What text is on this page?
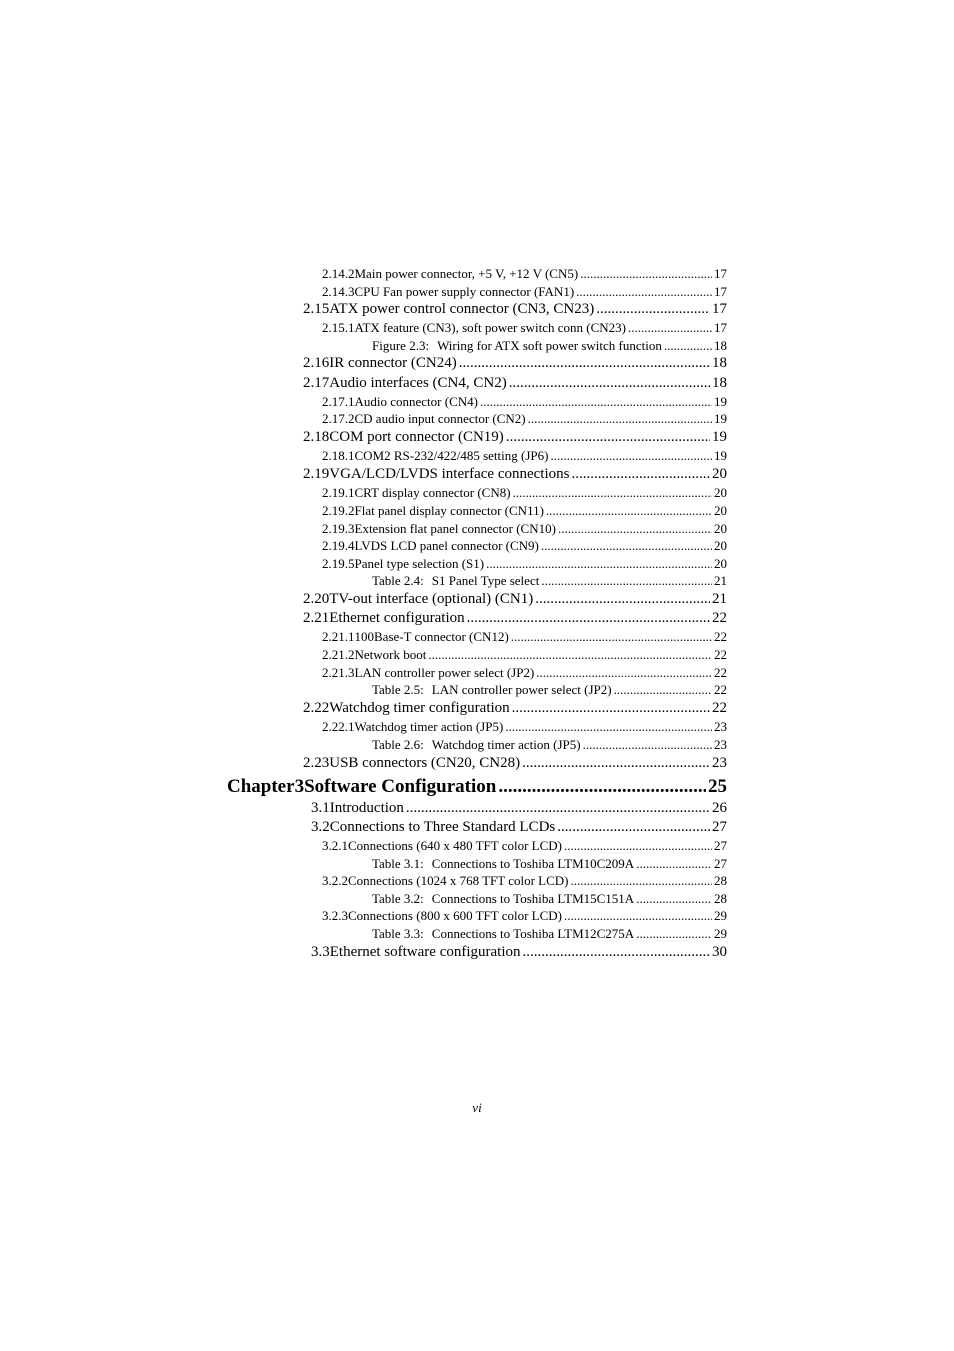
2.14.2 Main power connector, +5 V, +12 V (CN5) .....	17
2.14.3 CPU Fan power supply connector (FAN1) .....	17
2.15 ATX power control connector (CN3, CN23) .....	17
2.15.1 ATX feature (CN3), soft power switch conn (CN23) .....	17
Figure 2.3: Wiring for ATX soft power switch function .....	18
2.16 IR connector (CN24) .....	18
2.17 Audio interfaces (CN4, CN2) .....	18
2.17.1 Audio connector (CN4) .....	19
2.17.2 CD audio input connector (CN2) .....	19
2.18 COM port connector (CN19) .....	19
2.18.1 COM2 RS-232/422/485 setting (JP6) .....	19
2.19 VGA/LCD/LVDS interface connections .....	20
2.19.1 CRT display connector (CN8) .....	20
2.19.2 Flat panel display connector (CN11) .....	20
2.19.3 Extension flat panel connector (CN10) .....	20
2.19.4 LVDS LCD panel connector (CN9) .....	20
2.19.5 Panel type selection (S1) .....	20
Table 2.4: S1 Panel Type select .....	21
2.20 TV-out interface (optional) (CN1) .....	21
2.21 Ethernet configuration .....	22
2.21.1 100Base-T connector (CN12) .....	22
2.21.2 Network boot .....	22
2.21.3 LAN controller power select (JP2) .....	22
Table 2.5: LAN controller power select (JP2) .....	22
2.22 Watchdog timer configuration .....	22
2.22.1 Watchdog timer action (JP5) .....	23
Table 2.6: Watchdog timer action (JP5) .....	23
2.23 USB connectors (CN20, CN28) .....	23
Chapter 3 Software Configuration .....	25
3.1 Introduction .....	26
3.2 Connections to Three Standard LCDs .....	27
3.2.1 Connections (640 x 480 TFT color LCD) .....	27
Table 3.1: Connections to Toshiba LTM10C209A .....	27
3.2.2 Connections (1024 x 768 TFT color LCD) .....	28
Table 3.2: Connections to Toshiba LTM15C151A .....	28
3.2.3 Connections (800 x 600 TFT color LCD) .....	29
Table 3.3: Connections to Toshiba LTM12C275A .....	29
3.3 Ethernet software configuration .....	30
vi
